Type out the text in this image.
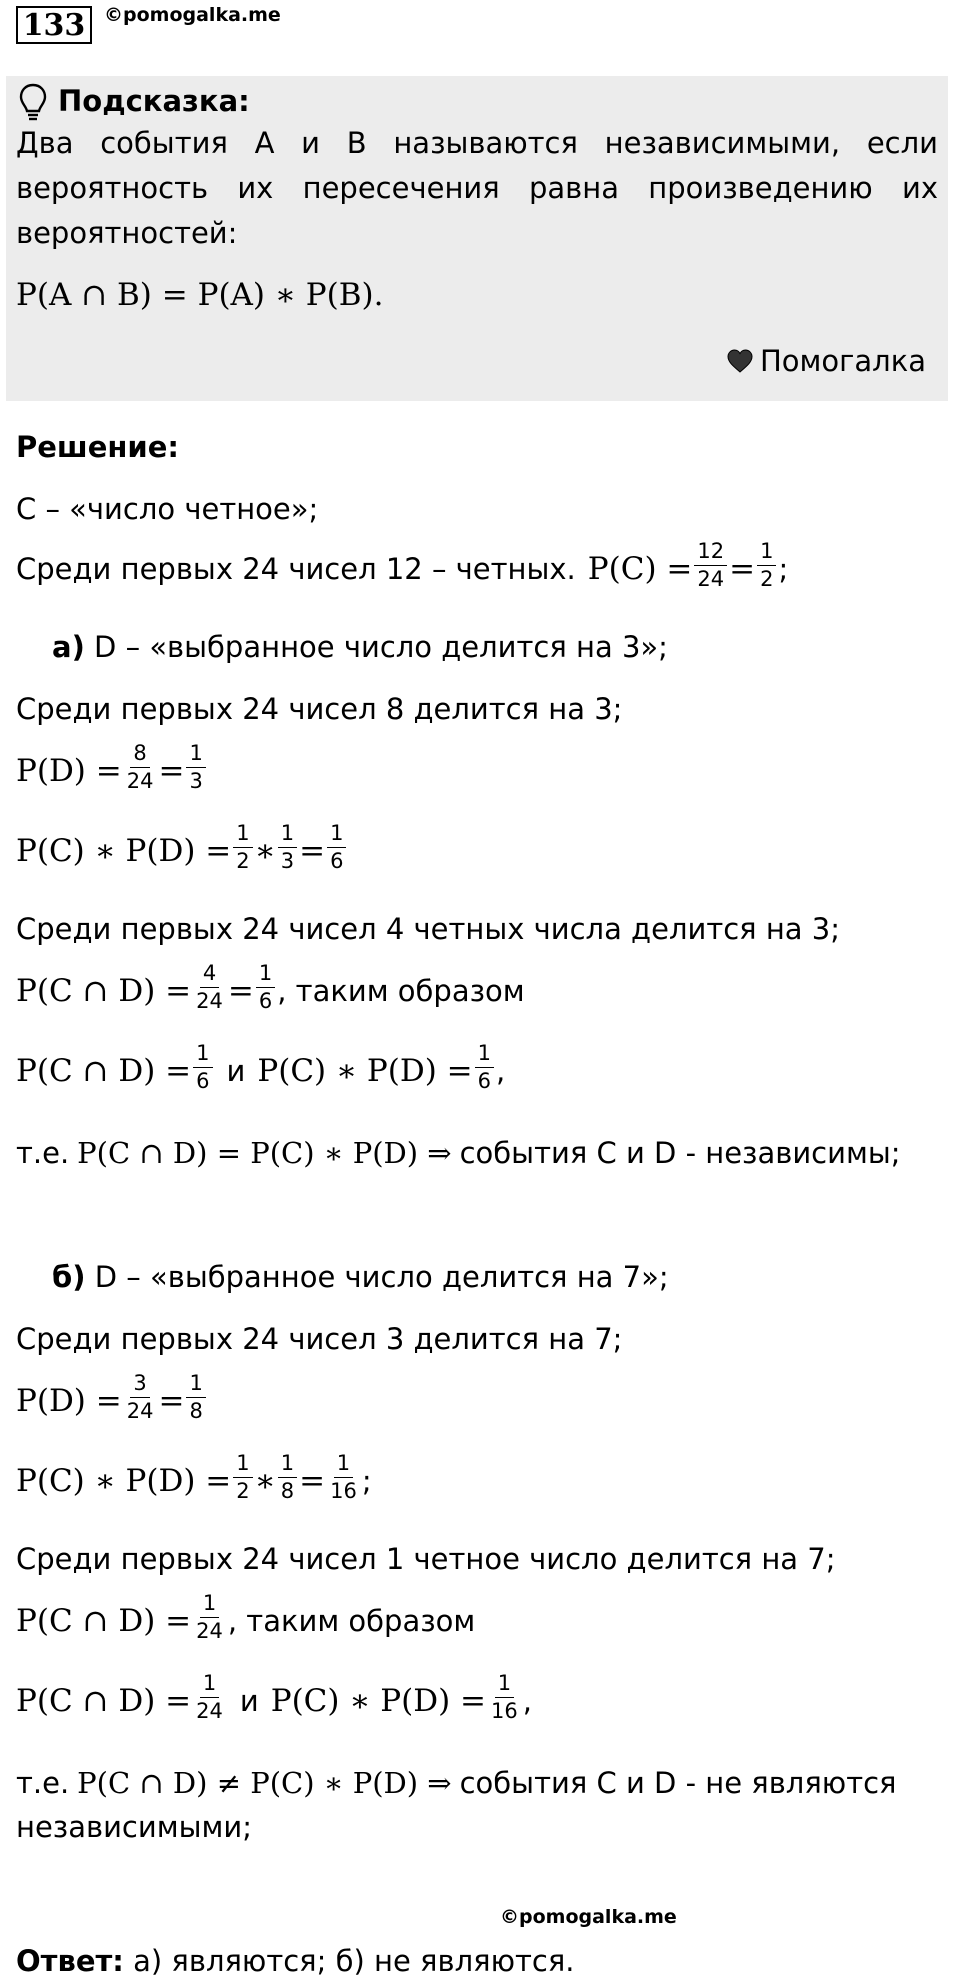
133 ©pomogalka.me
Подсказка:
Два события А и В называются независимыми, если
вероятность их пересечения равна произведению их
вероятностей:
P(A ∩ B) = P(A) ∗ P(B).
Помогалка
Решение:
С – «число четное»;
Среди первых 24 чисел 12 – четных. $P(C) = \frac{12}{24} = \frac{1}{2}$ ;
а) D – «выбранное число делится на 3»;
Среди первых 24 чисел 8 делится на 3;
$P(D) = \frac{8}{24} = \frac{1}{3}$
P(C) ∗ $P(D) = \frac{1}{2}$ ∗ $\frac{1}{3} = \frac{1}{6}$
Среди первых 24 чисел 4 четных числа делится на 3;
P(C ∩ $D) = \frac{4}{24} = \frac{1}{6}$ , таким образом
P(C ∩ $D) = \frac{1}{6}$ и P(C) ∗ $P(D) = \frac{1}{6}$ ,
т.е. P(C ∩ D) = P(C) ∗ P(D) ⇒ события С и D - независимы;
б) D – «выбранное число делится на 7»;
Среди первых 24 чисел 3 делится на 7;
$P(D) = \frac{3}{24} = \frac{1}{8}$
P(C) ∗ $P(D) = \frac{1}{2}$ ∗ $\frac{1}{8} = \frac{1}{16}$ ;
Среди первых 24 чисел 1 четное число делится на 7;
P(C ∩ $D) = \frac{1}{24}$ , таким образом
P(C ∩ $D) = \frac{1}{24}$ и P(C) ∗ $P(D) = \frac{1}{16}$ ,
т.е. P(C ∩ D) ≠ P(C) ∗ P(D) ⇒ события С и D - не являются
независимыми;
©pomogalka.me
Ответ: а) являются; б) не являются.
